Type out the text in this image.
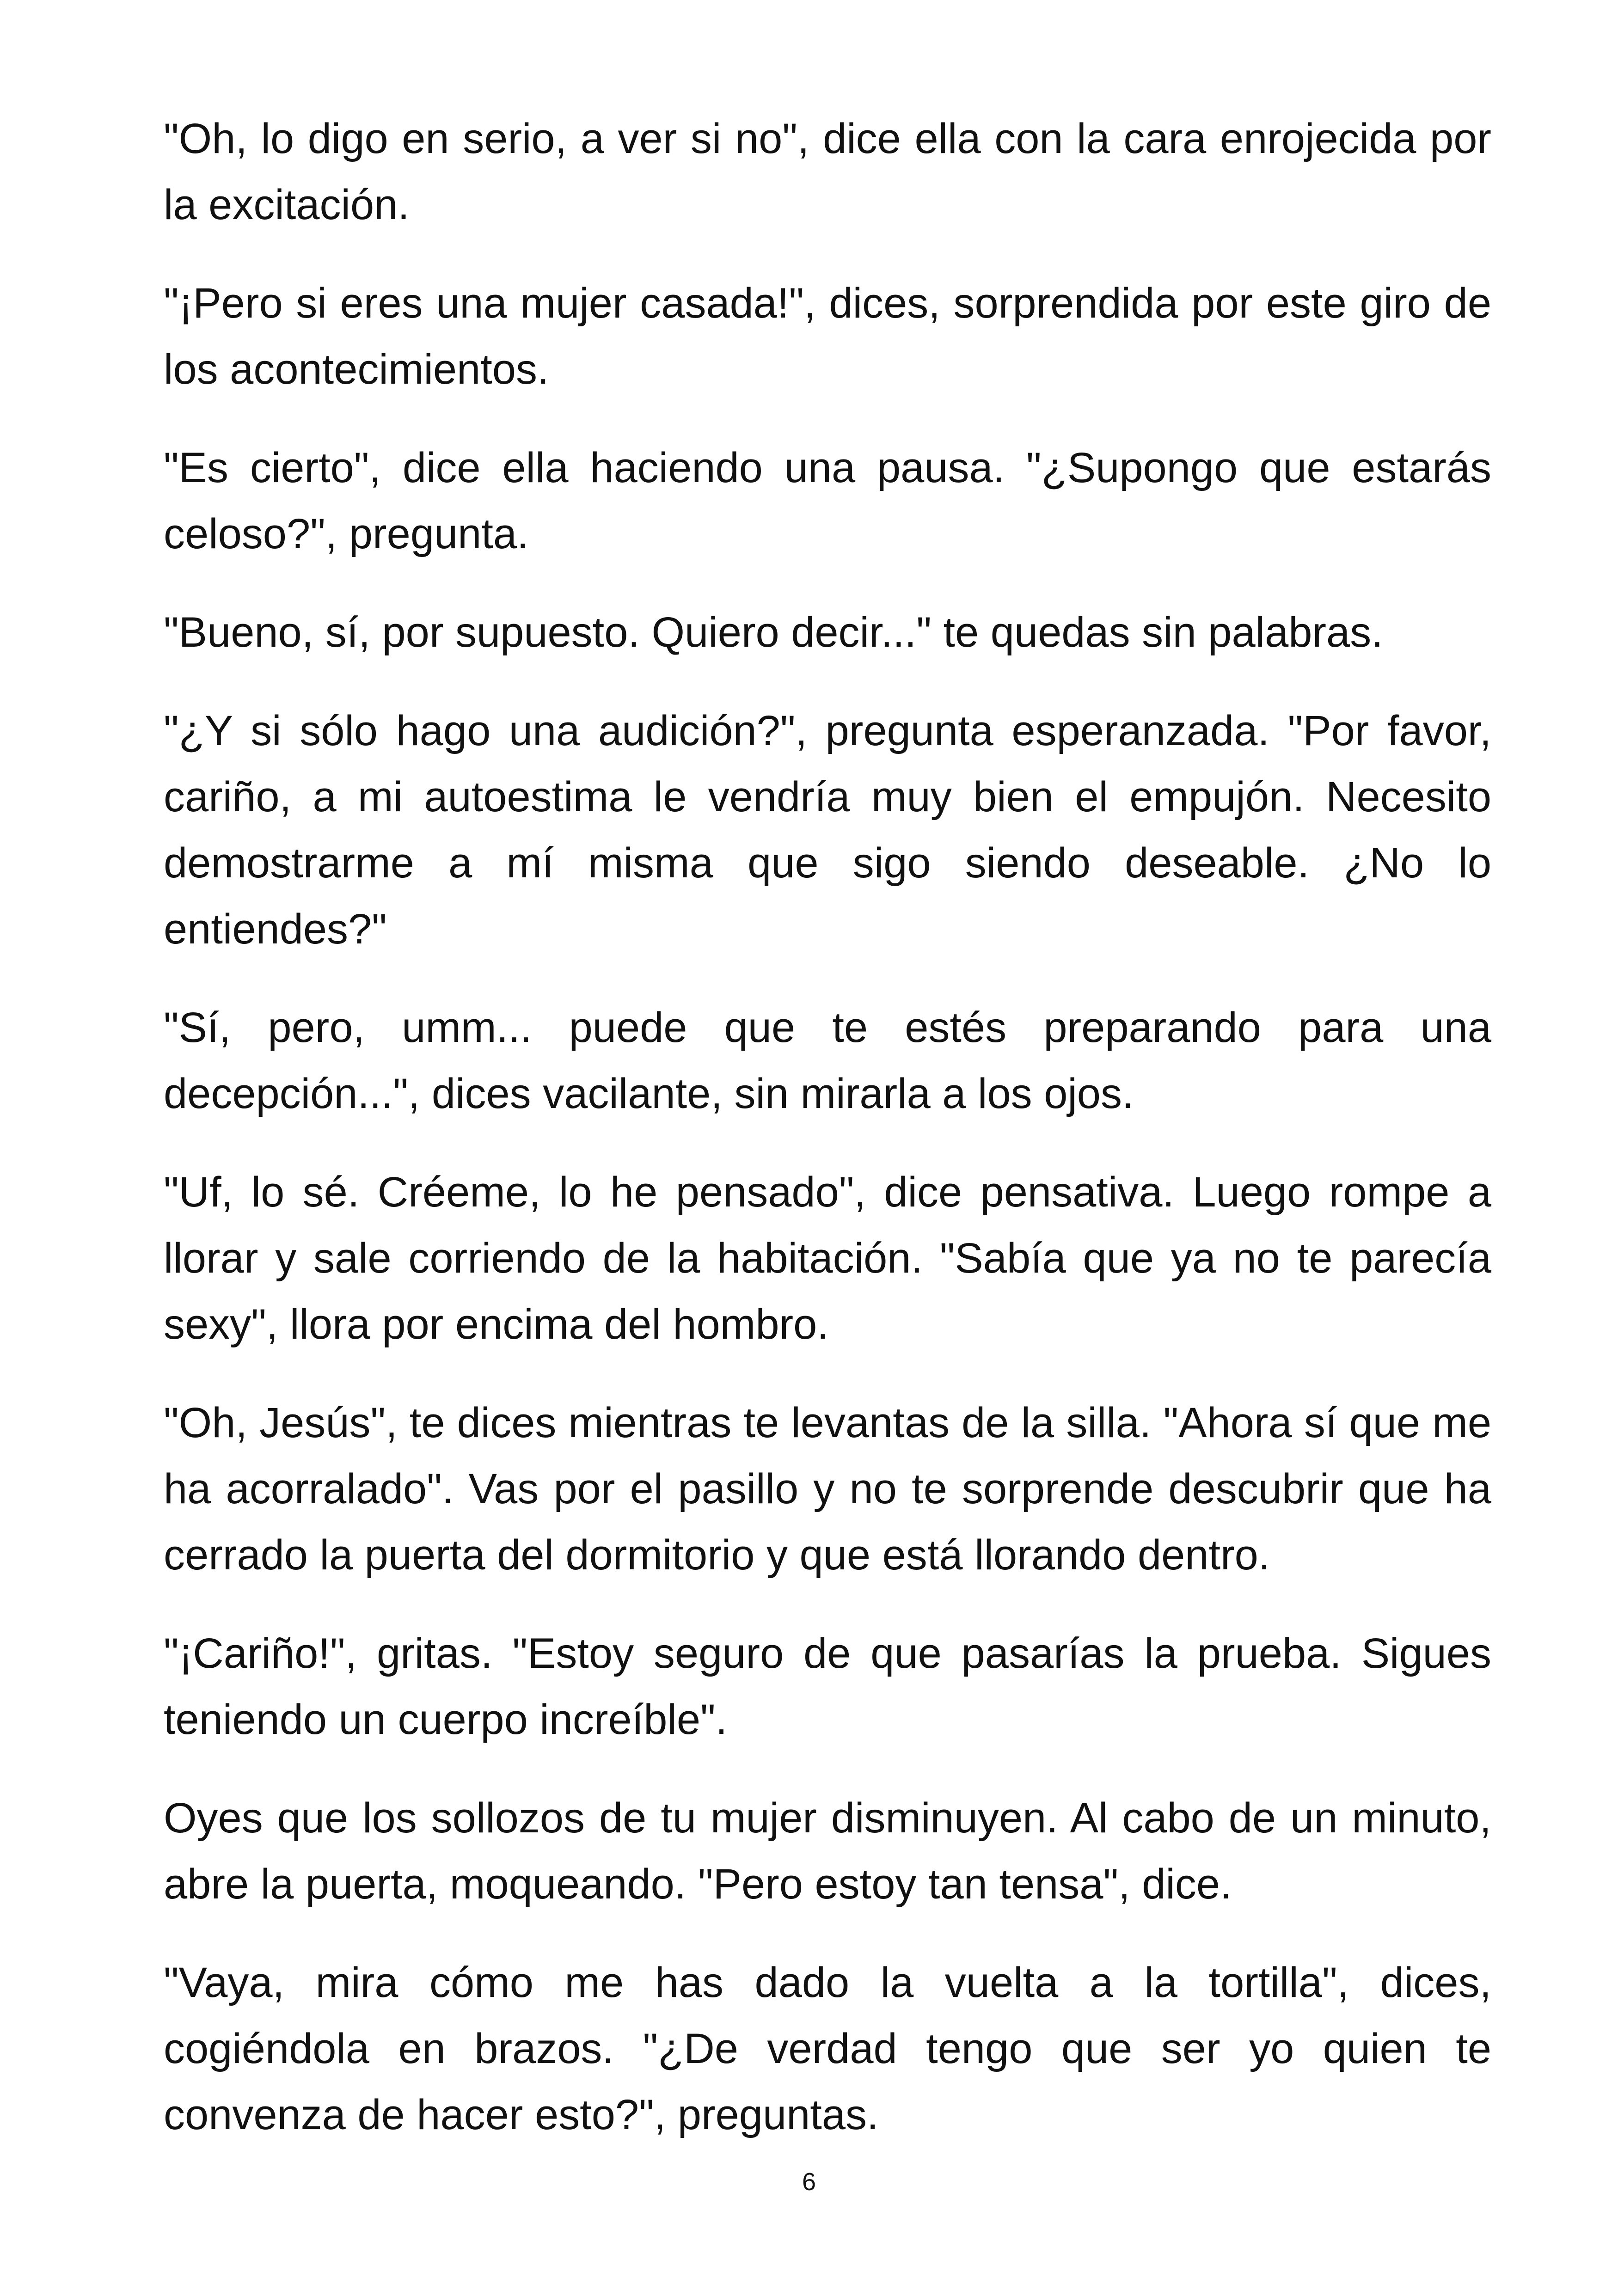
"Oh, lo digo en serio, a ver si no", dice ella con la cara enrojecida por la excitación.

"¡Pero si eres una mujer casada!", dices, sorprendida por este giro de los acontecimientos.

"Es cierto", dice ella haciendo una pausa. "¿Supongo que estarás celoso?", pregunta.

"Bueno, sí, por supuesto. Quiero decir..." te quedas sin palabras.

"¿Y si sólo hago una audición?", pregunta esperanzada. "Por favor, cariño, a mi autoestima le vendría muy bien el empujón. Necesito demostrarme a mí misma que sigo siendo deseable. ¿No lo entiendes?"

"Sí, pero, umm... puede que te estés preparando para una decepción...", dices vacilante, sin mirarla a los ojos.

"Uf, lo sé. Créeme, lo he pensado", dice pensativa. Luego rompe a llorar y sale corriendo de la habitación. "Sabía que ya no te parecía sexy", llora por encima del hombro.

"Oh, Jesús", te dices mientras te levantas de la silla. "Ahora sí que me ha acorralado". Vas por el pasillo y no te sorprende descubrir que ha cerrado la puerta del dormitorio y que está llorando dentro.

"¡Cariño!", gritas. "Estoy seguro de que pasarías la prueba. Sigues teniendo un cuerpo increíble".

Oyes que los sollozos de tu mujer disminuyen. Al cabo de un minuto, abre la puerta, moqueando. "Pero estoy tan tensa", dice.

"Vaya, mira cómo me has dado la vuelta a la tortilla", dices, cogiéndola en brazos. "¿De verdad tengo que ser yo quien te convenza de hacer esto?", preguntas.

6
